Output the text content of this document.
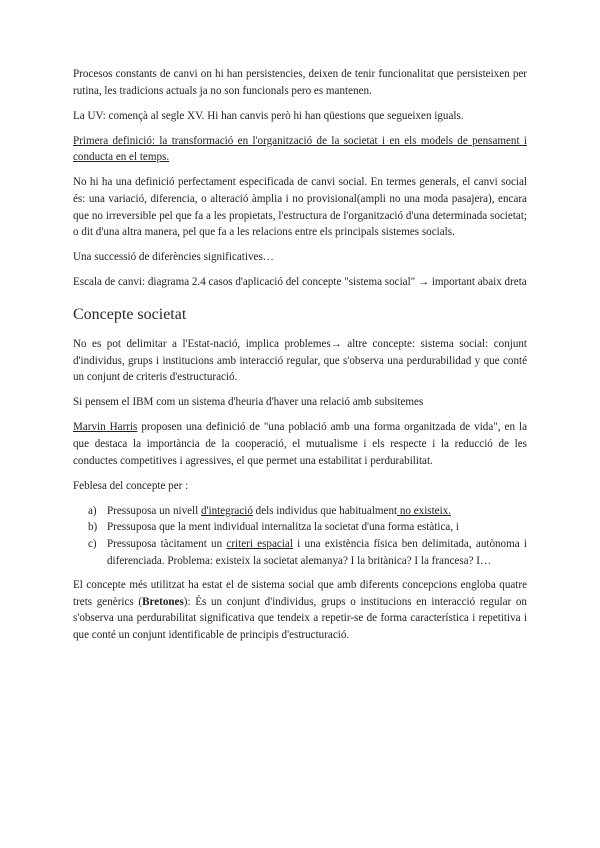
Procesos constants de canvi on hi han persistencies, deixen de tenir funcionalitat que persisteixen per rutina, les tradicions actuals ja no son funcionals pero es mantenen.

La UV: començà al segle XV. Hi han canvis però hi han qüestions que segueixen iguals.

Primera definició: la transformació en l'organització de la societat i en els models de pensament i conducta en el temps.

No hi ha una definició perfectament especificada de canvi social. En termes generals, el canvi social és: una variació, diferencia, o alteració àmplia i no provisional(ampli no una moda pasajera), encara que no irreversible pel que fa a les propietats, l'estructura de l'organització d'una determinada societat; o dit d'una altra manera, pel que fa a les relacions entre els principals sistemes socials.

Una successió de diferències significatives…

Escala de canvi: diagrama 2.4 casos d'aplicació del concepte "sistema social" → important abaix dreta

Concepte societat

No es pot delimitar a l'Estat-nació, implica problemes→ altre concepte: sistema social: conjunt d'individus, grups i institucions amb interacció regular, que s'observa una perdurabilidad y que conté un conjunt de criteris d'estructuració.

Si pensem el IBM com un sistema d'heuria d'haver una relació amb subsitemes

Marvin Harris proposen una definició de "una població amb una forma organitzada de vida", en la que destaca la importància de la cooperació, el mutualisme i els respecte i la reducció de les conductes competitives i agressives, el que permet una estabilitat i perdurabilitat.

Feblesa del concepte per :

a) Pressuposa un nivell d'integració dels individus que habitualment no existeix.
b) Pressuposa que la ment individual internalitza la societat d'una forma estàtica, i
c) Pressuposa tàcitament un criteri espacial i una existència física ben delimitada, autònoma i diferenciada. Problema: existeix la societat alemanya? I la britànica? I la francesa? I…

El concepte més utilitzat ha estat el de sistema social que amb diferents concepcions engloba quatre trets genèrics (Bretones): És un conjunt d'individus, grups o institucions en interacció regular on s'observa una perdurabilitat significativa que tendeix a repetir-se de forma característica i repetitiva i que conté un conjunt identificable de principis d'estructuració.
